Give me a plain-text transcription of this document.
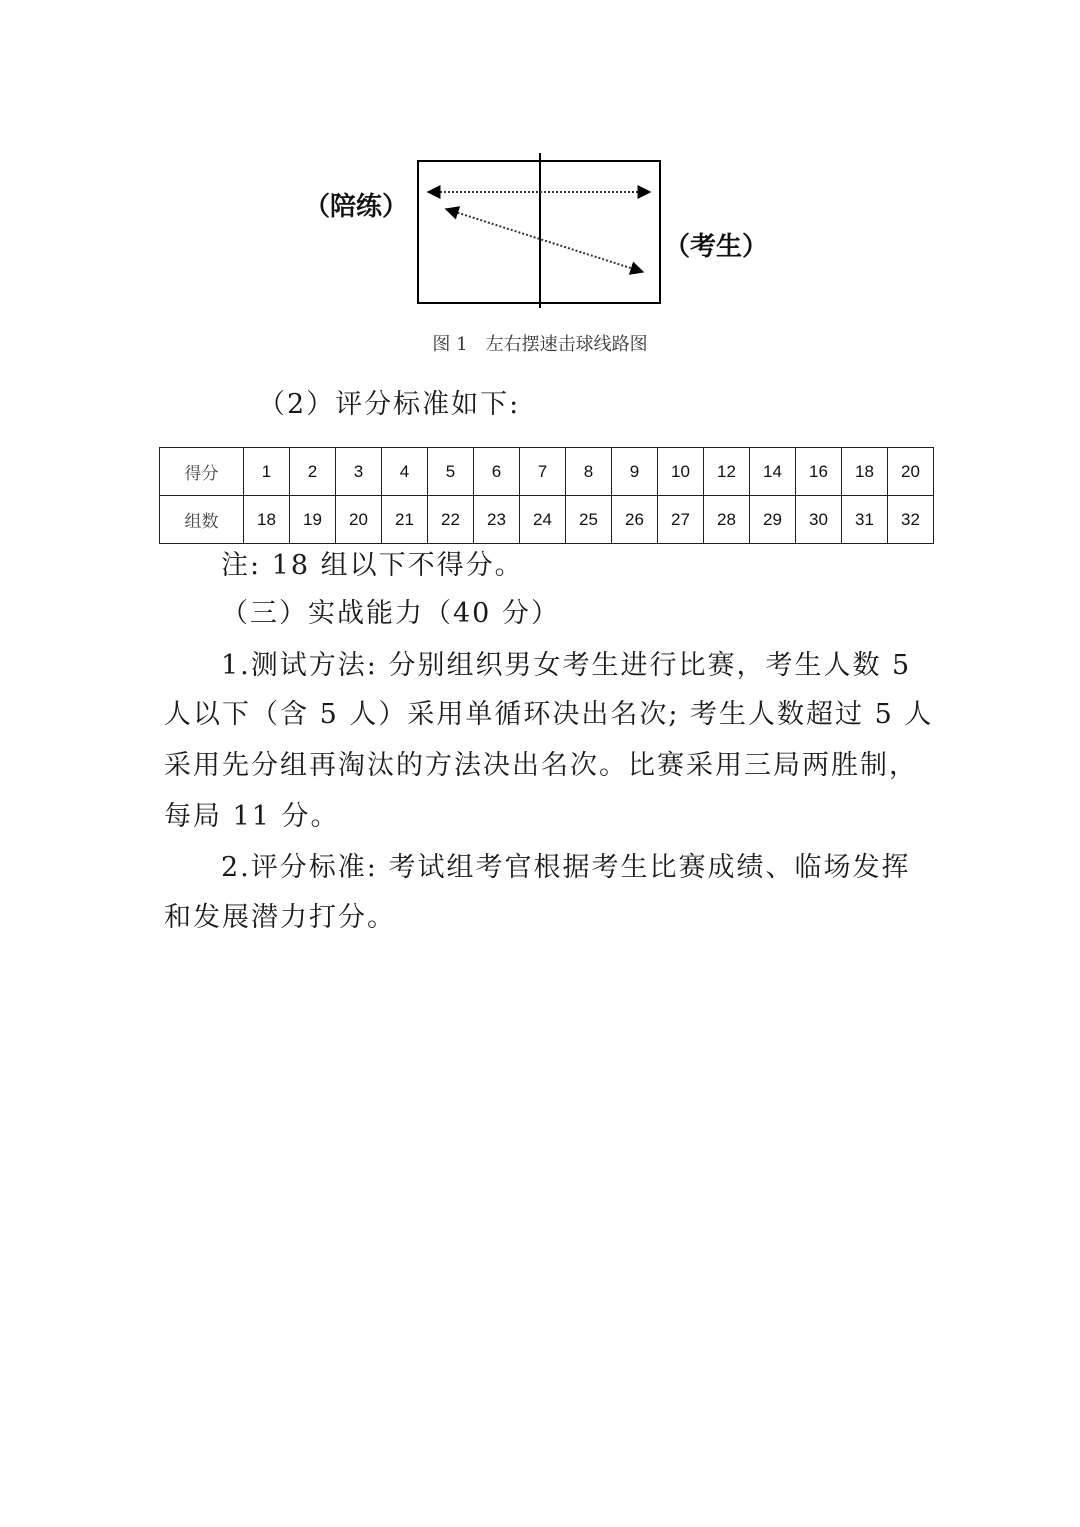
（陪练）
（考生）
图 1　左右摆速击球线路图
（2）评分标准如下:
得分	1	2	3	4	5	6	7	8	9	10	12	14	16	18	20
组数	18	19	20	21	22	23	24	25	26	27	28	29	30	31	32
注: 18 组以下不得分。
（三）实战能力（40 分）
1.测试方法: 分别组织男女考生进行比赛，考生人数 5
人以下（含 5 人）采用单循环决出名次; 考生人数超过 5 人
采用先分组再淘汰的方法决出名次。比赛采用三局两胜制，
每局 11 分。
2.评分标准: 考试组考官根据考生比赛成绩、临场发挥
和发展潜力打分。
